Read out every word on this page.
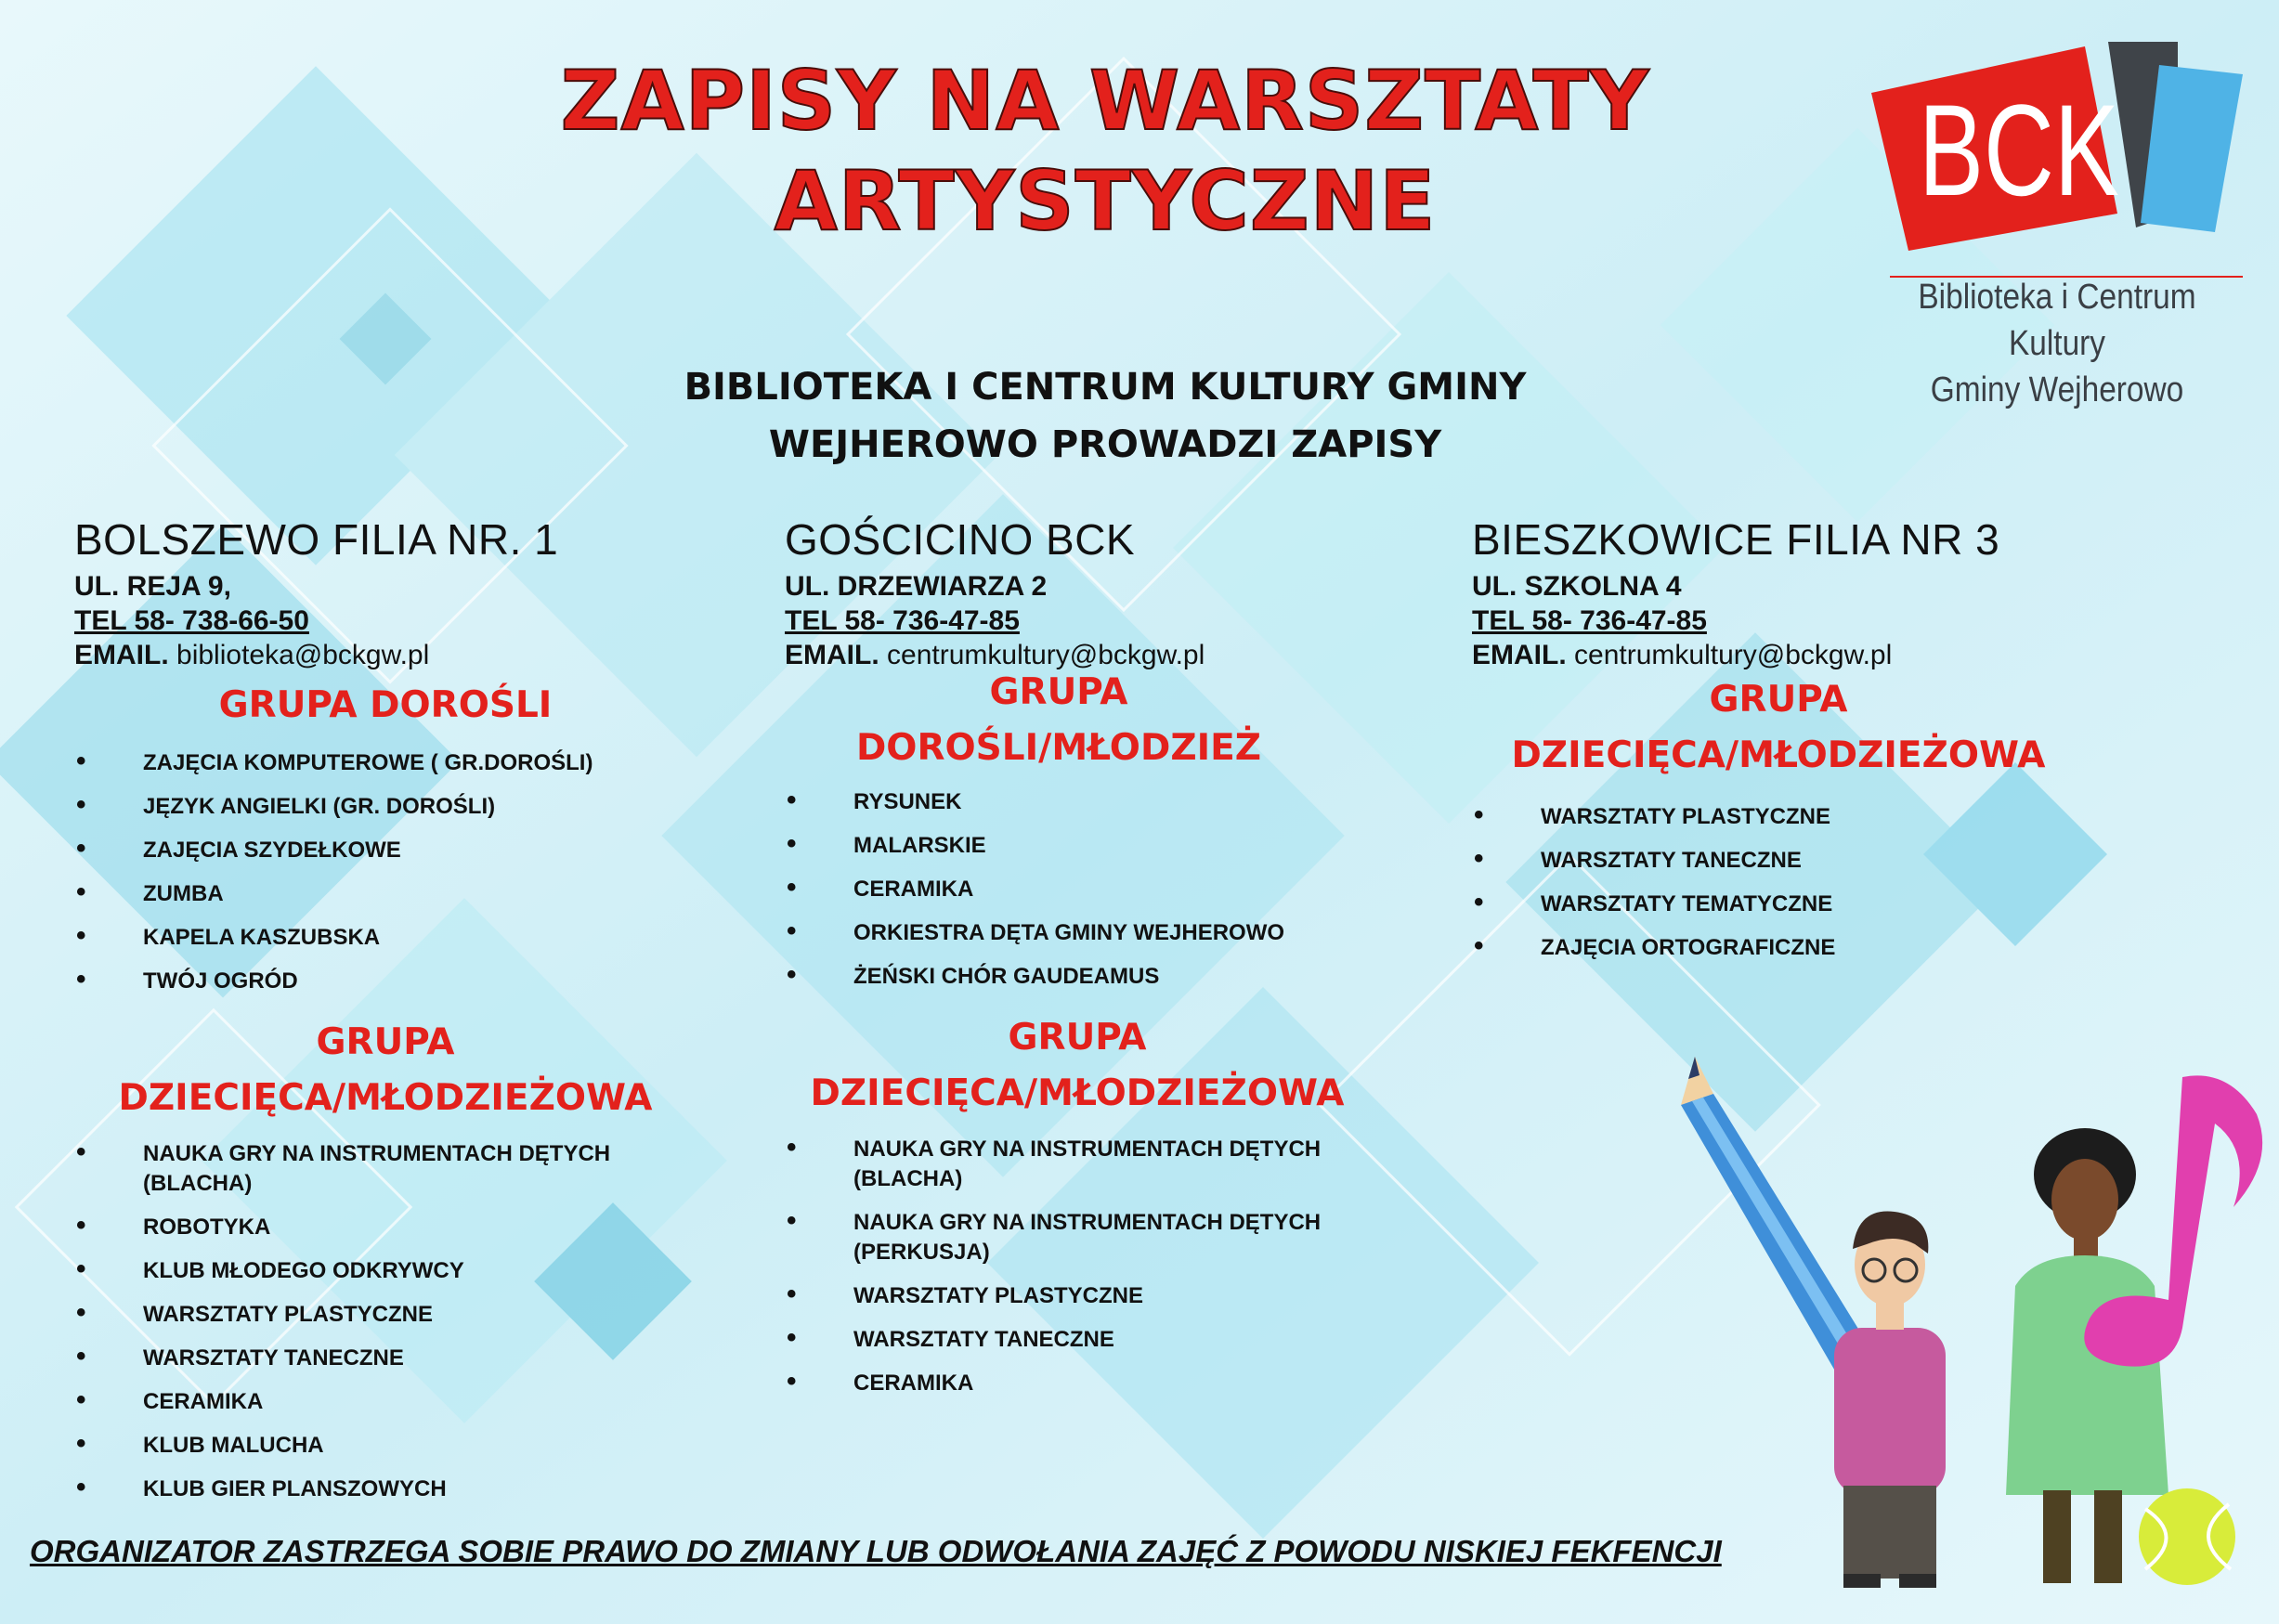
ZAPISY NA WARSZTATY
ARTYSTYCZNE	BCK
Biblioteka i Centrum Kultury
Gminy Wejherowo
BIBLIOTEKA I CENTRUM KULTURY GMINY
WEJHEROWO PROWADZI ZAPISY
BOLSZEWO FILIA NR. 1
UL. REJA 9,
TEL 58- 738-66-50
EMAIL. biblioteka@bckgw.pl
GRUPA DOROŚLI
• ZAJĘCIA KOMPUTEROWE ( GR.DOROŚLI)
• JĘZYK ANGIELKI (GR. DOROŚLI)
• ZAJĘCIA SZYDEŁKOWE
• ZUMBA
• KAPELA KASZUBSKA
• TWÓJ OGRÓD
GRUPA
DZIECIĘCA/MŁODZIEŻOWA
• NAUKA GRY NA INSTRUMENTACH DĘTYCH (BLACHA)
• ROBOTYKA
• KLUB MŁODEGO ODKRYWCY
• WARSZTATY PLASTYCZNE
• WARSZTATY TANECZNE
• CERAMIKA
• KLUB MALUCHA
• KLUB GIER PLANSZOWYCH
GOŚCICINO BCK
UL. DRZEWIARZA 2
TEL 58- 736-47-85
EMAIL. centrumkultury@bckgw.pl
GRUPA
DOROŚLI/MŁODZIEŻ
• RYSUNEK
• MALARSKIE
• CERAMIKA
• ORKIESTRA DĘTA GMINY WEJHEROWO
• ŻEŃSKI CHÓR GAUDEAMUS
GRUPA
DZIECIĘCA/MŁODZIEŻOWA
• NAUKA GRY NA INSTRUMENTACH DĘTYCH (BLACHA)
• NAUKA GRY NA INSTRUMENTACH DĘTYCH (PERKUSJA)
• WARSZTATY PLASTYCZNE
• WARSZTATY TANECZNE
• CERAMIKA
BIESZKOWICE FILIA NR 3
UL. SZKOLNA 4
TEL 58- 736-47-85
EMAIL. centrumkultury@bckgw.pl
GRUPA
DZIECIĘCA/MŁODZIEŻOWA
• WARSZTATY PLASTYCZNE
• WARSZTATY TANECZNE
• WARSZTATY TEMATYCZNE
• ZAJĘCIA ORTOGRAFICZNE
ORGANIZATOR ZASTRZEGA SOBIE PRAWO DO ZMIANY LUB ODWOŁANIA ZAJĘĆ Z POWODU NISKIEJ FEKFENCJI
